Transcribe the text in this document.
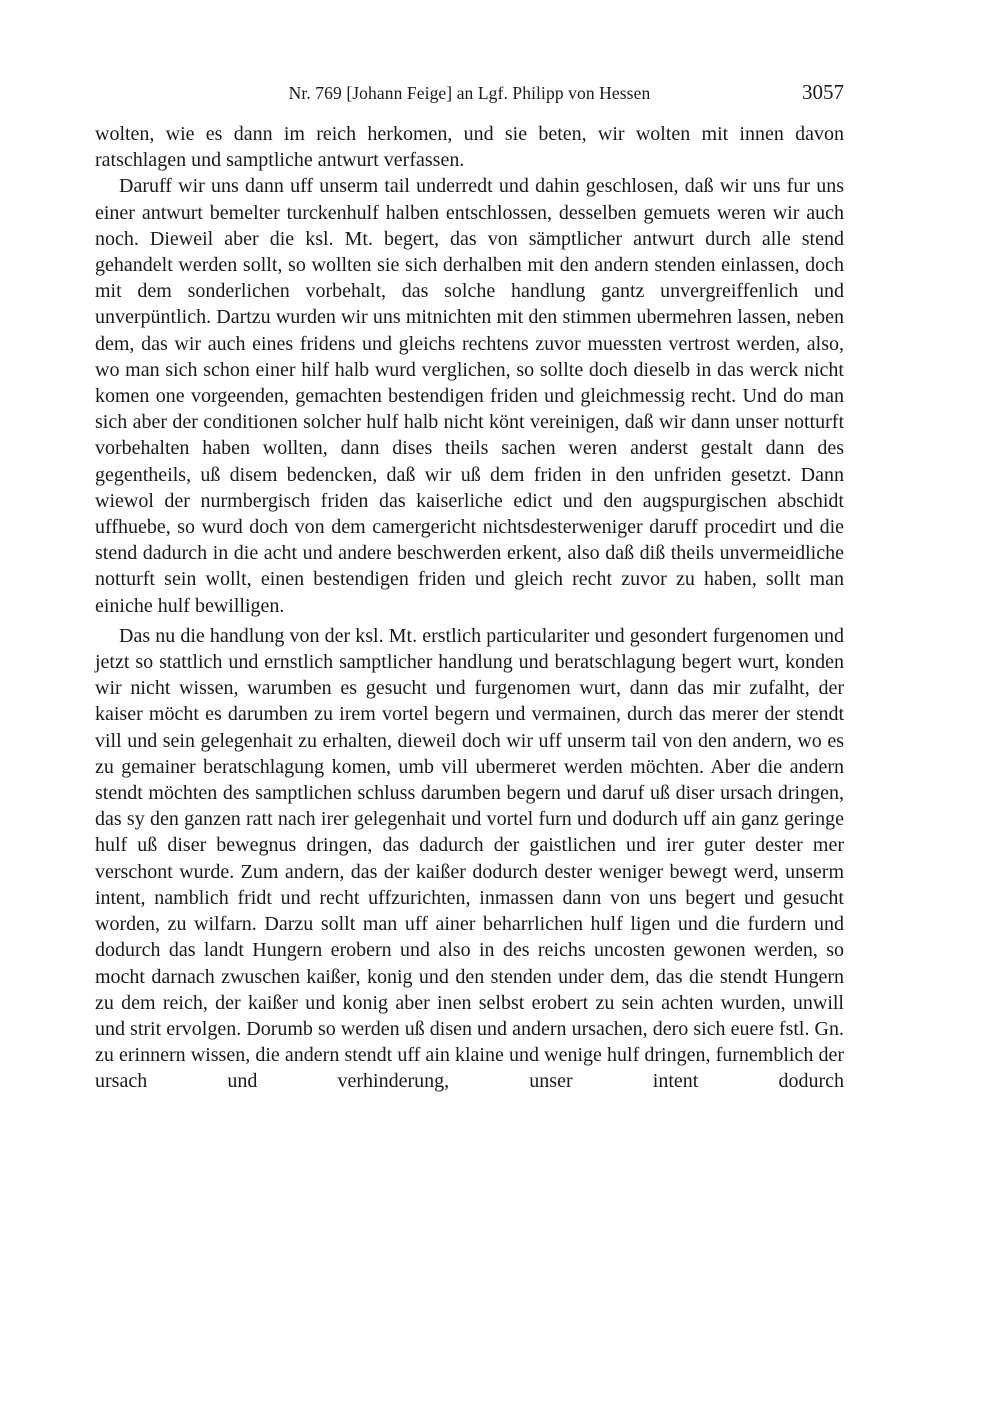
Nr. 769 [Johann Feige] an Lgf. Philipp von Hessen	3057

wolten, wie es dann im reich herkomen, und sie beten, wir wolten mit innen davon ratschlagen und samptliche antwurt verfassen.

Daruff wir uns dann uff unserm tail underredt und dahin geschlosen, daß wir uns fur uns einer antwurt bemelter turckenhulf halben entschlossen, desselben gemuets weren wir auch noch. Dieweil aber die ksl. Mt. begert, das von sämptlicher antwurt durch alle stend gehandelt werden sollt, so wollten sie sich derhalben mit den andern stenden einlassen, doch mit dem sonderlichen vorbehalt, das solche handlung gantz unvergreiffenlich und unverpüntlich. Dartzu wurden wir uns mitnichten mit den stimmen ubermehren lassen, neben dem, das wir auch eines fridens und gleichs rechtens zuvor muessten vertrost werden, also, wo man sich schon einer hilf halb wurd verglichen, so sollte doch dieselb in das werck nicht komen one vorgeenden, gemachten bestendigen friden und gleichmessig recht. Und do man sich aber der conditionen solcher hulf halb nicht könt vereinigen, daß wir dann unser notturft vorbehalten haben wollten, dann dises theils sachen weren anderst gestalt dann des gegentheils, uß disem bedencken, daß wir uß dem friden in den unfriden gesetzt. Dann wiewol der nurmbergisch friden das kaiserliche edict und den augspurgischen abschidt uffhuebe, so wurd doch von dem camergericht nichtsdesterweniger daruff procedirt und die stend dadurch in die acht und andere beschwerden erkent, also daß diß theils unvermeidliche notturft sein wollt, einen bestendigen friden und gleich recht zuvor zu haben, sollt man einiche hulf bewilligen.

Das nu die handlung von der ksl. Mt. erstlich particulariter und gesondert furgenomen und jetzt so stattlich und ernstlich samptlicher handlung und beratschlagung begert wurt, konden wir nicht wissen, warumben es gesucht und furgenomen wurt, dann das mir zufalht, der kaiser möcht es darumben zu irem vortel begern und vermainen, durch das merer der stendt vill und sein gelegenhait zu erhalten, dieweil doch wir uff unserm tail von den andern, wo es zu gemainer beratschlagung komen, umb vill ubermeret werden möchten. Aber die andern stendt möchten des samptlichen schluss darumben begern und daruf uß diser ursach dringen, das sy den ganzen ratt nach irer gelegenhait und vortel furn und dodurch uff ain ganz geringe hulf uß diser bewegnus dringen, das dadurch der gaistlichen und irer guter dester mer verschont wurde. Zum andern, das der kaißer dodurch dester weniger bewegt werd, unserm intent, namblich fridt und recht uffzurichten, inmassen dann von uns begert und gesucht worden, zu wilfarn. Darzu sollt man uff ainer beharrlichen hulf ligen und die furdern und dodurch das landt Hungern erobern und also in des reichs uncosten gewonen werden, so mocht darnach zwuschen kaißer, konig und den stenden under dem, das die stendt Hungern zu dem reich, der kaißer und konig aber inen selbst erobert zu sein achten wurden, unwill und strit ervolgen. Dorumb so werden uß disen und andern ursachen, dero sich euere fstl. Gn. zu erinnern wissen, die andern stendt uff ain klaine und wenige hulf dringen, furnemblich der ursach und verhinderung, unser intent dodurch
